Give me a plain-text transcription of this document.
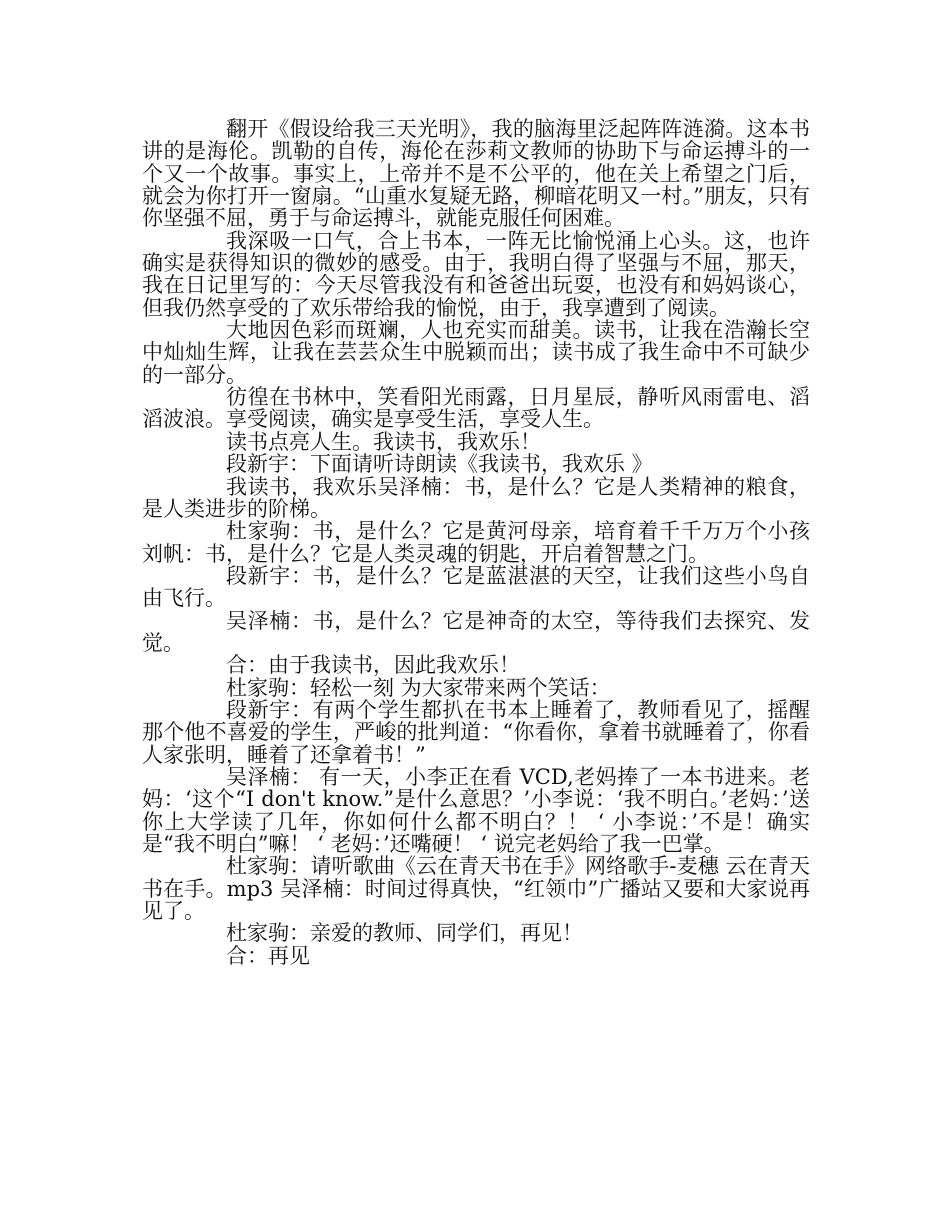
翻开《假设给我三天光明》，我的脑海里泛起阵阵涟漪。这本书讲的是海伦。凯勒的自传，海伦在莎莉文教师的协助下与命运搏斗的一个又一个故事。事实上，上帝并不是不公平的，他在关上希望之门后，就会为你打开一窗扇。“山重水复疑无路，柳暗花明又一村。”朋友，只有你坚强不屈，勇于与命运搏斗，就能克服任何困难。

我深吸一口气，合上书本，一阵无比愉悦涌上心头。这，也许确实是获得知识的微妙的感受。由于，我明白得了坚强与不屈，那天，我在日记里写的：今天尽管我没有和爸爸出玩耍，也没有和妈妈谈心，但我仍然享受的了欢乐带给我的愉悦，由于，我享遭到了阅读。

大地因色彩而斑斓，人也充实而甜美。读书，让我在浩瀚长空中灿灿生辉，让我在芸芸众生中脱颖而出；读书成了我生命中不可缺少的一部分。

彷徨在书林中，笑看阳光雨露，日月星辰，静听风雨雷电、滔滔波浪。享受阅读，确实是享受生活，享受人生。

读书点亮人生。我读书，我欢乐！

段新宇：下面请听诗朗读《我读书，我欢乐 》

我读书，我欢乐吴泽楠：书，是什么？它是人类精神的粮食，是人类进步的阶梯。

杜家驹：书，是什么？它是黄河母亲，培育着千千万万个小孩刘帆：书，是什么？它是人类灵魂的钥匙，开启着智慧之门。

段新宇：书，是什么？它是蓝湛湛的天空，让我们这些小鸟自由飞行。

吴泽楠：书，是什么？它是神奇的太空，等待我们去探究、发觉。

合：由于我读书，因此我欢乐！

杜家驹：轻松一刻 为大家带来两个笑话：

段新宇：有两个学生都扒在书本上睡着了，教师看见了，摇醒那个他不喜爱的学生，严峻的批判道：“你看你，拿着书就睡着了，你看人家张明，睡着了还拿着书！”

吴泽楠： 有一天，小李正在看 VCD,老妈捧了一本书进来。老妈：‘这个“I don't know.”是什么意思？’小李说：‘我不明白。’老妈：’送你上大学读了几年，你如何什么都不明白？！ ‘ 小李说：’不是！确实是“我不明白”嘛！ ‘ 老妈：’还嘴硬！ ‘ 说完老妈给了我一巴掌。

杜家驹：请听歌曲《云在青天书在手》网络歌手-麦穗 云在青天书在手。mp3 吴泽楠：时间过得真快，“红领巾”广播站又要和大家说再见了。

杜家驹：亲爱的教师、同学们，再见！

合：再见
